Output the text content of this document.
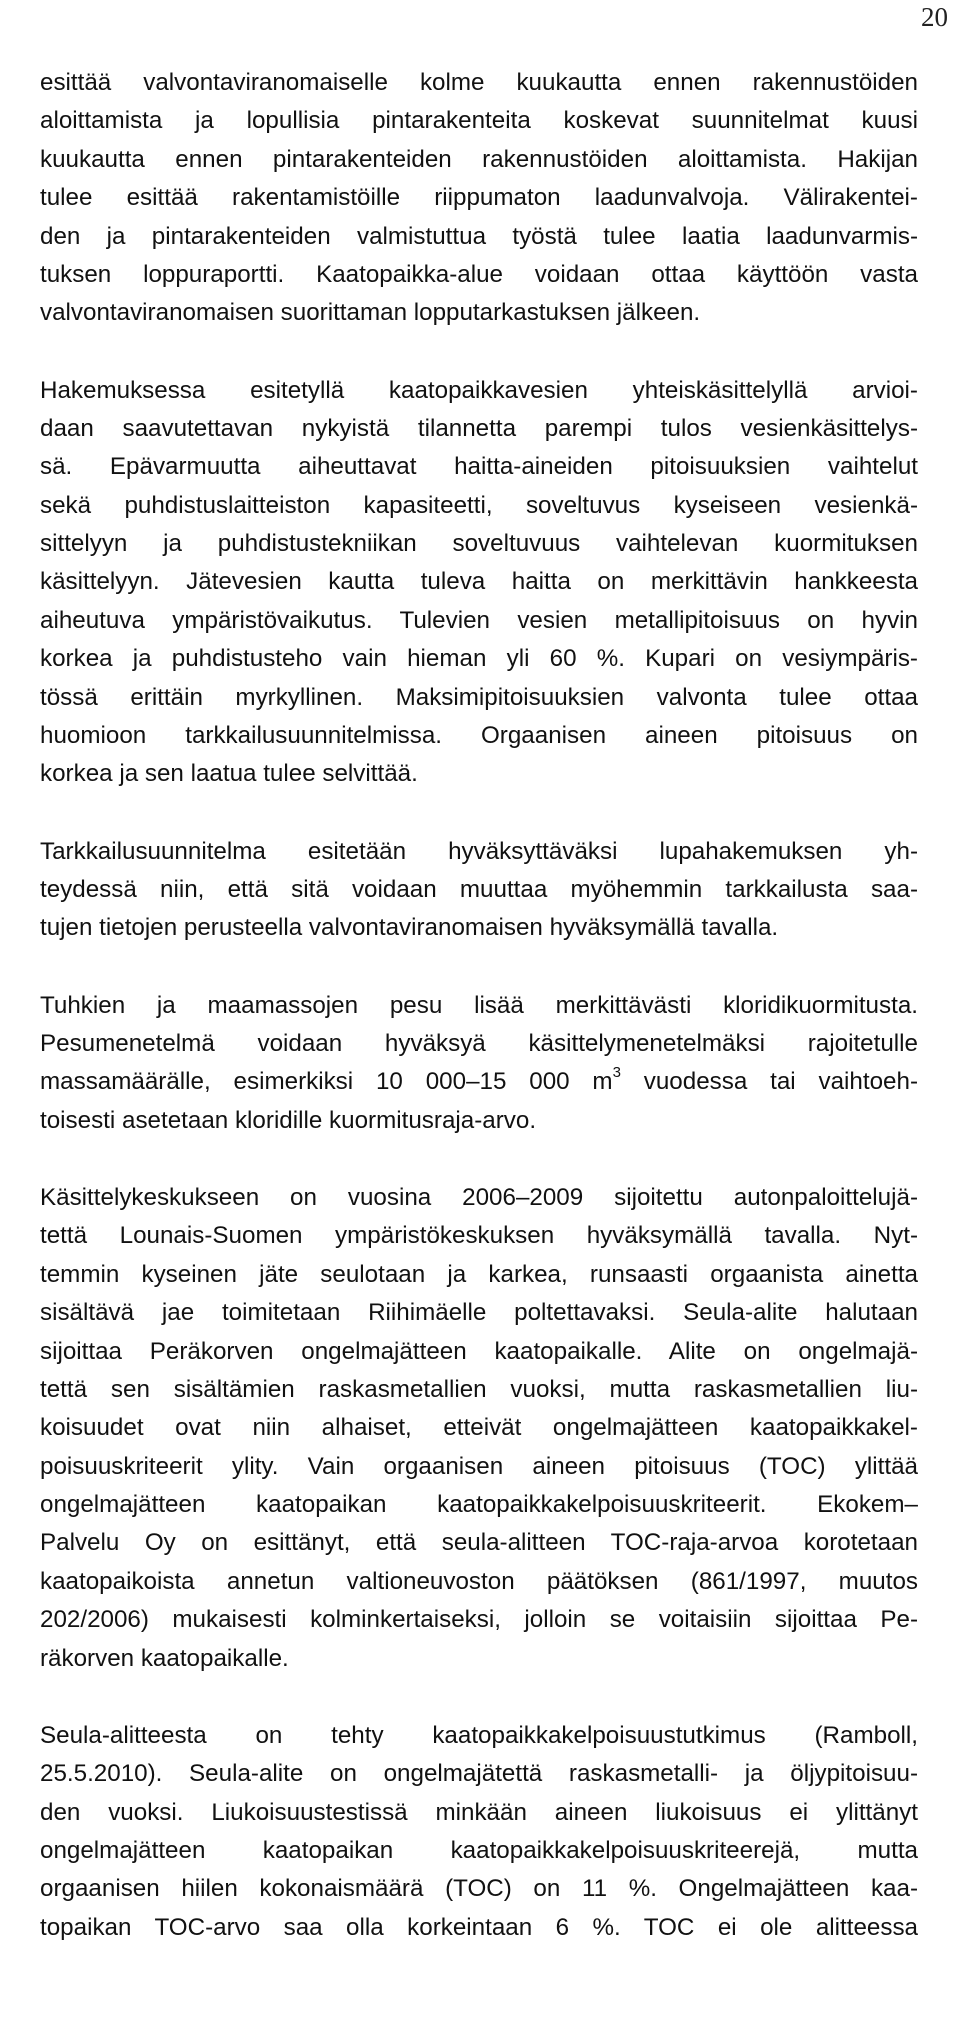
20
esittää valvontaviranomaiselle kolme kuukautta ennen rakennustöiden
aloittamista ja lopullisia pintarakenteita koskevat suunnitelmat kuusi
kuukautta ennen pintarakenteiden rakennustöiden aloittamista. Hakijan
tulee esittää rakentamistöille riippumaton laadunvalvoja. Välirakentei-
den ja pintarakenteiden valmistuttua työstä tulee laatia laadunvarmis-
tuksen loppuraportti. Kaatopaikka-alue voidaan ottaa käyttöön vasta
valvontaviranomaisen suorittaman lopputarkastuksen jälkeen.
Hakemuksessa esitetyllä kaatopaikkavesien yhteiskäsittelyllä arvioi-
daan saavutettavan nykyistä tilannetta parempi tulos vesienkäsittelys-
sä. Epävarmuutta aiheuttavat haitta-aineiden pitoisuuksien vaihtelut
sekä puhdistuslaitteiston kapasiteetti, soveltuvus kyseiseen vesienkä-
sittelyyn ja puhdistustekniikan soveltuvuus vaihtelevan kuormituksen
käsittelyyn. Jätevesien kautta tuleva haitta on merkittävin hankkeesta
aiheutuva ympäristövaikutus. Tulevien vesien metallipitoisuus on hyvin
korkea ja puhdistusteho vain hieman yli 60 %. Kupari on vesiympäris-
tössä erittäin myrkyllinen. Maksimipitoisuuksien valvonta tulee ottaa
huomioon tarkkailusuunnitelmissa. Orgaanisen aineen pitoisuus on
korkea ja sen laatua tulee selvittää.
Tarkkailusuunnitelma esitetään hyväksyttäväksi lupahakemuksen yh-
teydessä niin, että sitä voidaan muuttaa myöhemmin tarkkailusta saa-
tujen tietojen perusteella valvontaviranomaisen hyväksymällä tavalla.
Tuhkien ja maamassojen pesu lisää merkittävästi kloridikuormitusta.
Pesumenetelmä voidaan hyväksyä käsittelymenetelmäksi rajoitetulle
massamäärälle, esimerkiksi 10 000–15 000 $m^3$ vuodessa tai vaihtoeh-
toisesti asetetaan kloridille kuormitusraja-arvo.
Käsittelykeskukseen on vuosina 2006–2009 sijoitettu autonpaloittelujä-
tettä Lounais-Suomen ympäristökeskuksen hyväksymällä tavalla. Nyt-
temmin kyseinen jäte seulotaan ja karkea, runsaasti orgaanista ainetta
sisältävä jae toimitetaan Riihimäelle poltettavaksi. Seula-alite halutaan
sijoittaa Peräkorven ongelmajätteen kaatopaikalle. Alite on ongelmajä-
tettä sen sisältämien raskasmetallien vuoksi, mutta raskasmetallien liu-
koisuudet ovat niin alhaiset, etteivät ongelmajätteen kaatopaikkakel-
poisuuskriteerit ylity. Vain orgaanisen aineen pitoisuus (TOC) ylittää
ongelmajätteen kaatopaikan kaatopaikkakelpoisuuskriteerit. Ekokem–
Palvelu Oy on esittänyt, että seula-alitteen TOC-raja-arvoa korotetaan
kaatopaikoista annetun valtioneuvoston päätöksen (861/1997, muutos
202/2006) mukaisesti kolminkertaiseksi, jolloin se voitaisiin sijoittaa Pe-
räkorven kaatopaikalle.
Seula-alitteesta on tehty kaatopaikkakelpoisuustutkimus (Ramboll,
25.5.2010). Seula-alite on ongelmajätettä raskasmetalli- ja öljypitoisuu-
den vuoksi. Liukoisuustestissä minkään aineen liukoisuus ei ylittänyt
ongelmajätteen kaatopaikan kaatopaikkakelpoisuuskriteerejä, mutta
orgaanisen hiilen kokonaismäärä (TOC) on 11 %. Ongelmajätteen kaa-
topaikan TOC-arvo saa olla korkeintaan 6 %. TOC ei ole alitteessa
